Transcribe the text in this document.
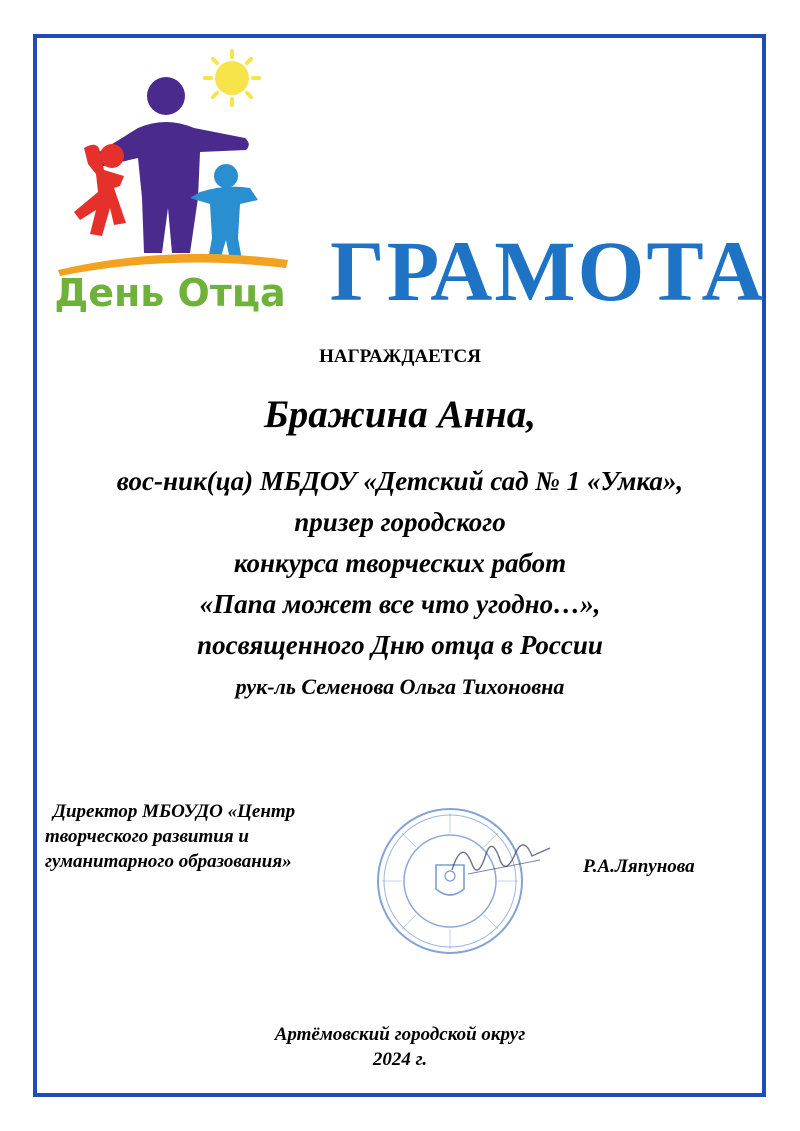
День Отца ГРАМОТА
НАГРАЖДАЕТСЯ
Бражина Анна,
вос-ник(ца) МБДОУ «Детский сад № 1 «Умка»,
призер городского
конкурса творческих работ
«Папа может все что угодно…»,
посвященного Дню отца в России
рук-ль Семенова Ольга Тихоновна
Директор МБОУДО «Центр
творческого развития и
гуманитарного образования»	Р.А.Ляпунова
Артёмовский городской округ
2024 г.
